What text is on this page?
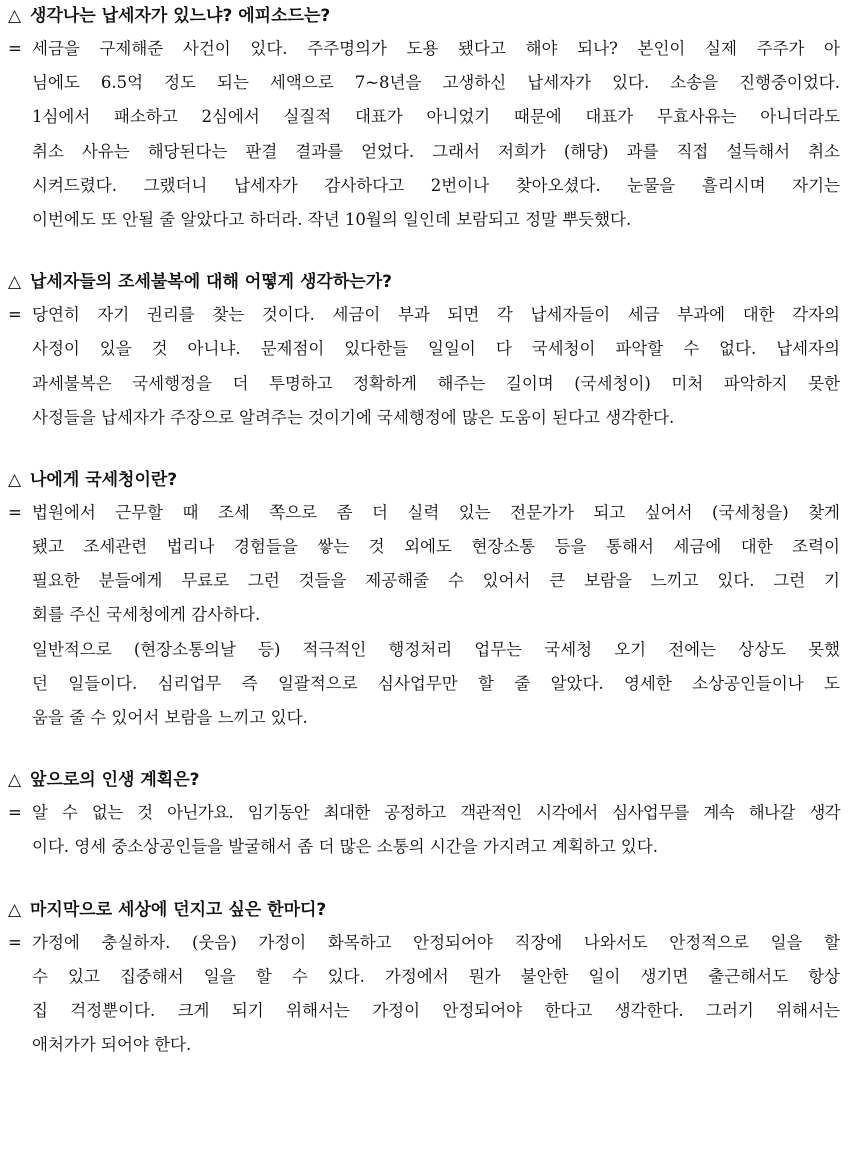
△ 생각나는 납세자가 있느냐? 에피소드는?
= 세금을 구제해준 사건이 있다. 주주명의가 도용 됐다고 해야 되나? 본인이 실제 주주가 아
님에도 6.5억 정도 되는 세액으로 7~8년을 고생하신 납세자가 있다. 소송을 진행중이었다.
1심에서 패소하고 2심에서 실질적 대표가 아니었기 때문에 대표가 무효사유는 아니더라도
취소 사유는 해당된다는 판결 결과를 얻었다. 그래서 저희가 (해당) 과를 직접 설득해서 취소
시켜드렸다. 그랬더니 납세자가 감사하다고 2번이나 찾아오셨다. 눈물을 흘리시며 자기는
이번에도 또 안될 줄 알았다고 하더라. 작년 10월의 일인데 보람되고 정말 뿌듯했다.
△ 납세자들의 조세불복에 대해 어떻게 생각하는가?
= 당연히 자기 권리를 찾는 것이다. 세금이 부과 되면 각 납세자들이 세금 부과에 대한 각자의
사정이 있을 것 아니냐. 문제점이 있다한들 일일이 다 국세청이 파악할 수 없다. 납세자의
과세불복은 국세행정을 더 투명하고 정확하게 해주는 길이며 (국세청이) 미처 파악하지 못한
사정들을 납세자가 주장으로 알려주는 것이기에 국세행정에 많은 도움이 된다고 생각한다.
△ 나에게 국세청이란?
= 법원에서 근무할 때 조세 쪽으로 좀 더 실력 있는 전문가가 되고 싶어서 (국세청을) 찾게
됐고 조세관련 법리나 경험들을 쌓는 것 외에도 현장소통 등을 통해서 세금에 대한 조력이
필요한 분들에게 무료로 그런 것들을 제공해줄 수 있어서 큰 보람을 느끼고 있다. 그런 기
회를 주신 국세청에게 감사하다.
일반적으로 (현장소통의날 등) 적극적인 행정처리 업무는 국세청 오기 전에는 상상도 못했
던 일들이다. 심리업무 즉 일괄적으로 심사업무만 할 줄 알았다. 영세한 소상공인들이나 도
움을 줄 수 있어서 보람을 느끼고 있다.
△ 앞으로의 인생 계획은?
= 알 수 없는 것 아닌가요. 임기동안 최대한 공정하고 객관적인 시각에서 심사업무를 계속 해나갈 생각
이다. 영세 중소상공인들을 발굴해서 좀 더 많은 소통의 시간을 가지려고 계획하고 있다.
△ 마지막으로 세상에 던지고 싶은 한마디?
= 가정에 충실하자. (웃음) 가정이 화목하고 안정되어야 직장에 나와서도 안정적으로 일을 할
수 있고 집중해서 일을 할 수 있다. 가정에서 뭔가 불안한 일이 생기면 출근해서도 항상
집 걱정뿐이다. 크게 되기 위해서는 가정이 안정되어야 한다고 생각한다. 그러기 위해서는
애처가가 되어야 한다.
